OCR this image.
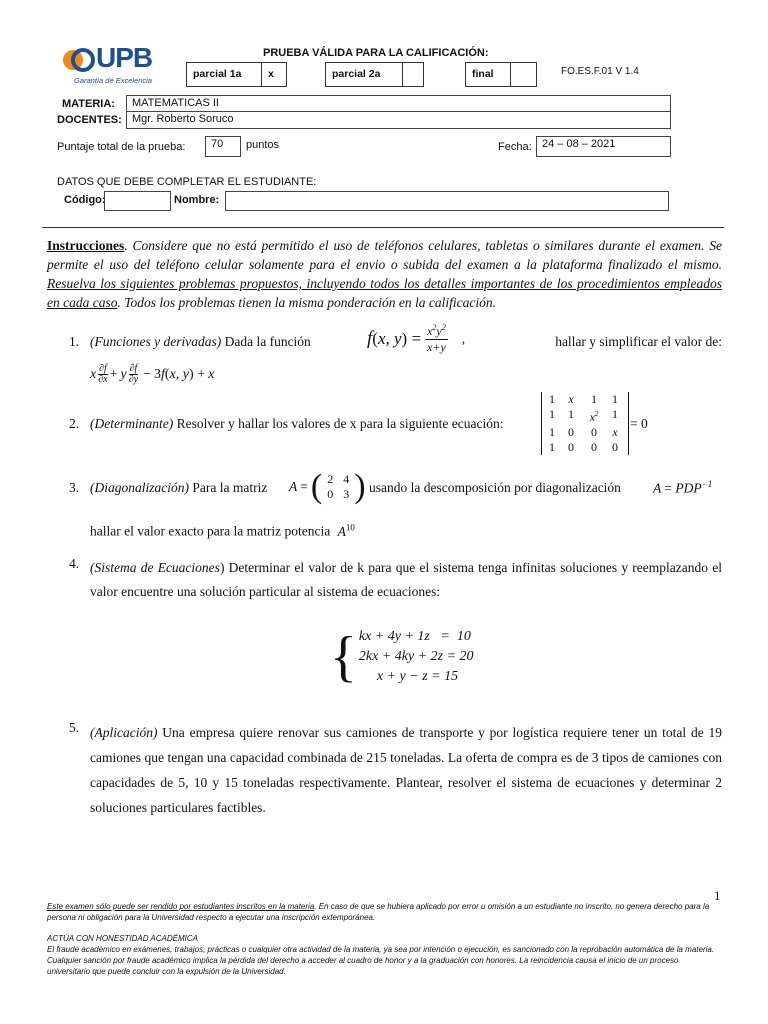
UPB
Garantía de Excelencia
PRUEBA VÁLIDA PARA LA CALIFICACIÓN:
parcial 1a	x	parcial 2a	final	FO.ES.F.01 V 1.4
MATERIA:	MATEMATICAS II
DOCENTES: Mgr. Roberto Soruco
Puntaje total de la prueba:	70	puntos	Fecha: 24 – 08 – 2021
DATOS QUE DEBE COMPLETAR EL ESTUDIANTE:
Código:	Nombre:
Instrucciones. Considere que no está permitido el uso de teléfonos celulares, tabletas o similares durante el examen. Se permite el uso del teléfono celular solamente para el envio o subida del examen a la plataforma finalizado el mismo. Resuelva los siguientes problemas propuestos, incluyendo todos los detalles importantes de los procedimientos empleados en cada caso. Todos los problemas tienen la misma ponderación en la calificación.
1. (Funciones y derivadas) Dada la función	f ( x, y ) = $\frac{x^2y^2}{x+y}$ ,	hallar y simplificar el valor de:
x ∂f
∂x + y ∂f
∂y − 3 f ( x, y ) + x
2. (Determinante) Resolver y hallar los valores de x para la siguiente ecuación:
1	x	1	1
1	1	$x^2$	1
1	0	0	x
1	0	0	0
= 0
3. (Diagonalización) Para la matriz A = ( 2 4
0 3 ) usando la descomposición por diagonalización $A = PDP^{-1}$
hallar el valor exacto para la matriz potencia $A^{10}$
4. (Sistema de Ecuaciones) Determinar el valor de k para que el sistema tenga infinitas soluciones y reemplazando el valor encuentre una solución particular al sistema de ecuaciones:
{ kx + 4y + 1z   =  10
2kx + 4ky + 2z = 20
x + y − z = 15
5. (Aplicación) Una empresa quiere renovar sus camiones de transporte y por logística requiere tener un total de 19 camiones que tengan una capacidad combinada de 215 toneladas. La oferta de compra es de 3 tipos de camiones con capacidades de 5, 10 y 15 toneladas respectivamente. Plantear, resolver el sistema de ecuaciones y determinar 2 soluciones particulares factibles.
1
Este examen sólo puede ser rendido por estudiantes inscritos en la materia. En caso de que se hubiera aplicado por error u omisión a un estudiante no inscrito, no genera derecho para la persona ni obligación para la Universidad respecto a ejecutar una inscripción extemporánea.
ACTÚA CON HONESTIDAD ACADÉMICA
El fraude académico en exámenes, trabajos, prácticas o cualquier otra actividad de la materia, ya sea por intención o ejecución, es sancionado con la reprobación automática de la materia. Cualquier sanción por fraude académico implica la pérdida del derecho a acceder al cuadro de honor y a la graduación con honores. La reincidencia causa el inicio de un proceso universitario que puede concluir con la expulsión de la Universidad.
